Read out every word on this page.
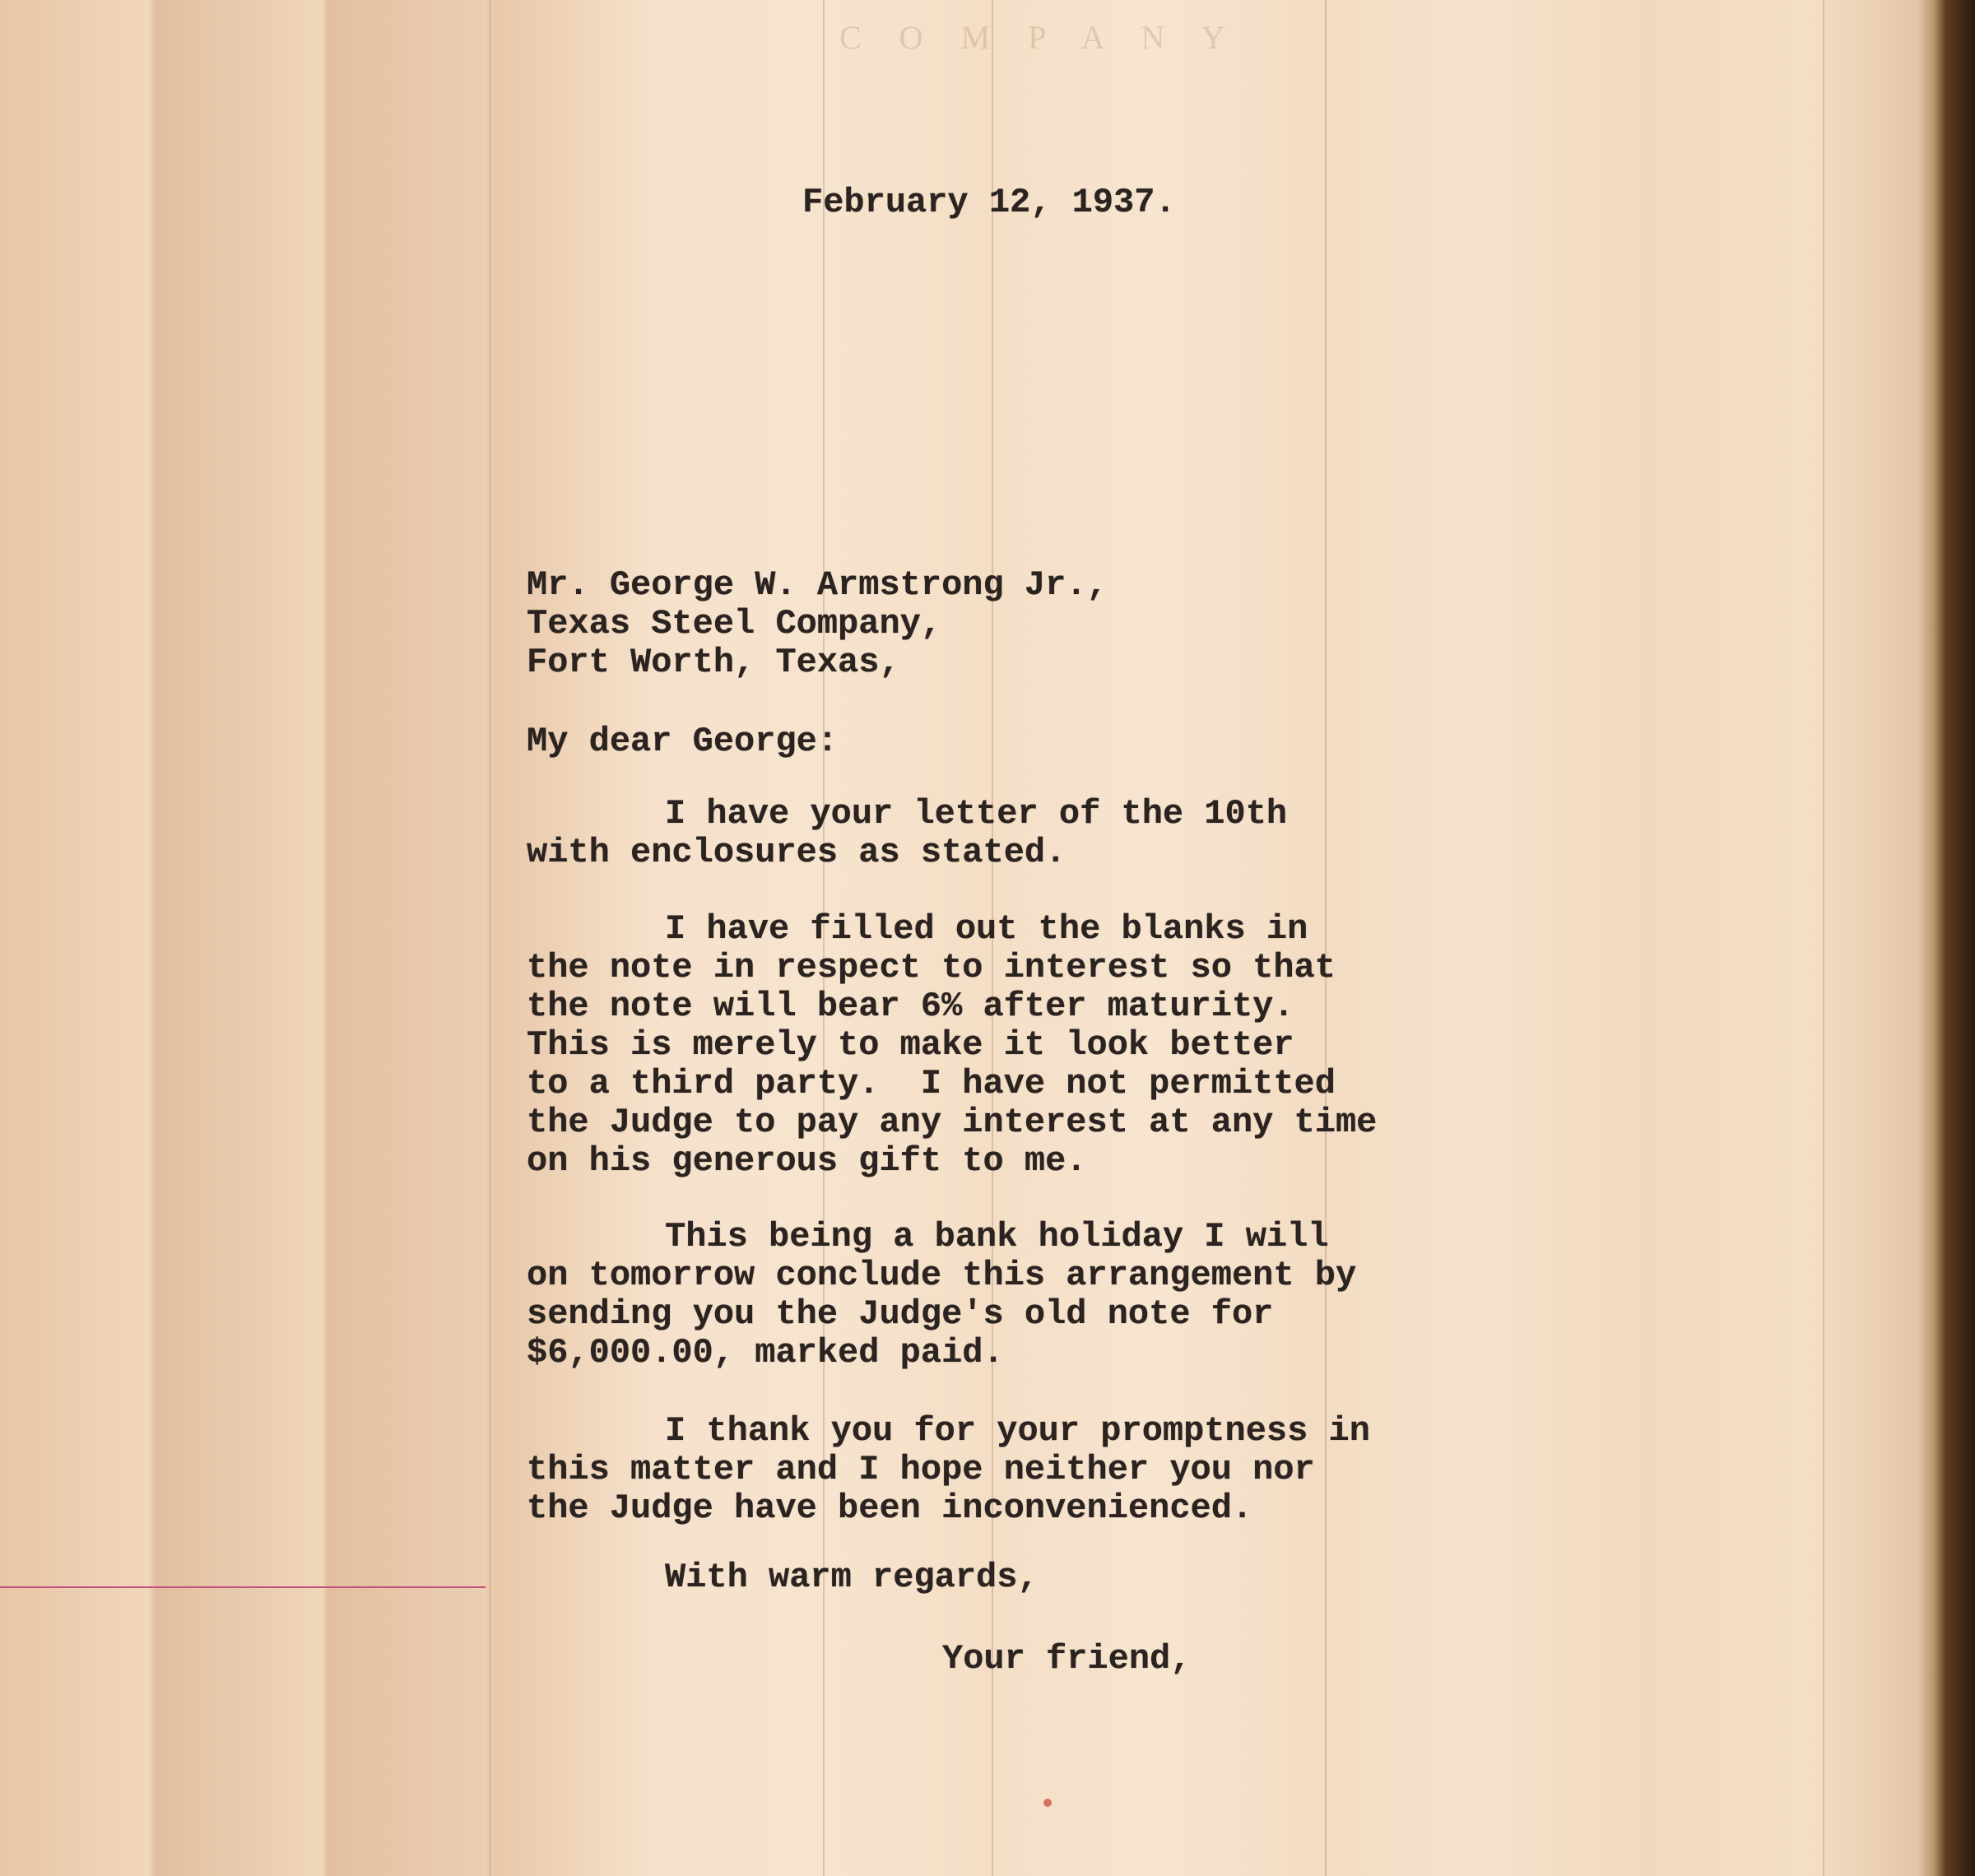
C O M P A N Y
February 12, 1937.
Mr. George W. Armstrong Jr.,
Texas Steel Company,
Fort Worth, Texas,
My dear George:
I have your letter of the 10th
with enclosures as stated.
I have filled out the blanks in
the note in respect to interest so that
the note will bear 6% after maturity.
This is merely to make it look better
to a third party.  I have not permitted
the Judge to pay any interest at any time
on his generous gift to me.
This being a bank holiday I will
on tomorrow conclude this arrangement by
sending you the Judge's old note for
$6,000.00, marked paid.
I thank you for your promptness in
this matter and I hope neither you nor
the Judge have been inconvenienced.
With warm regards,
Your friend,
